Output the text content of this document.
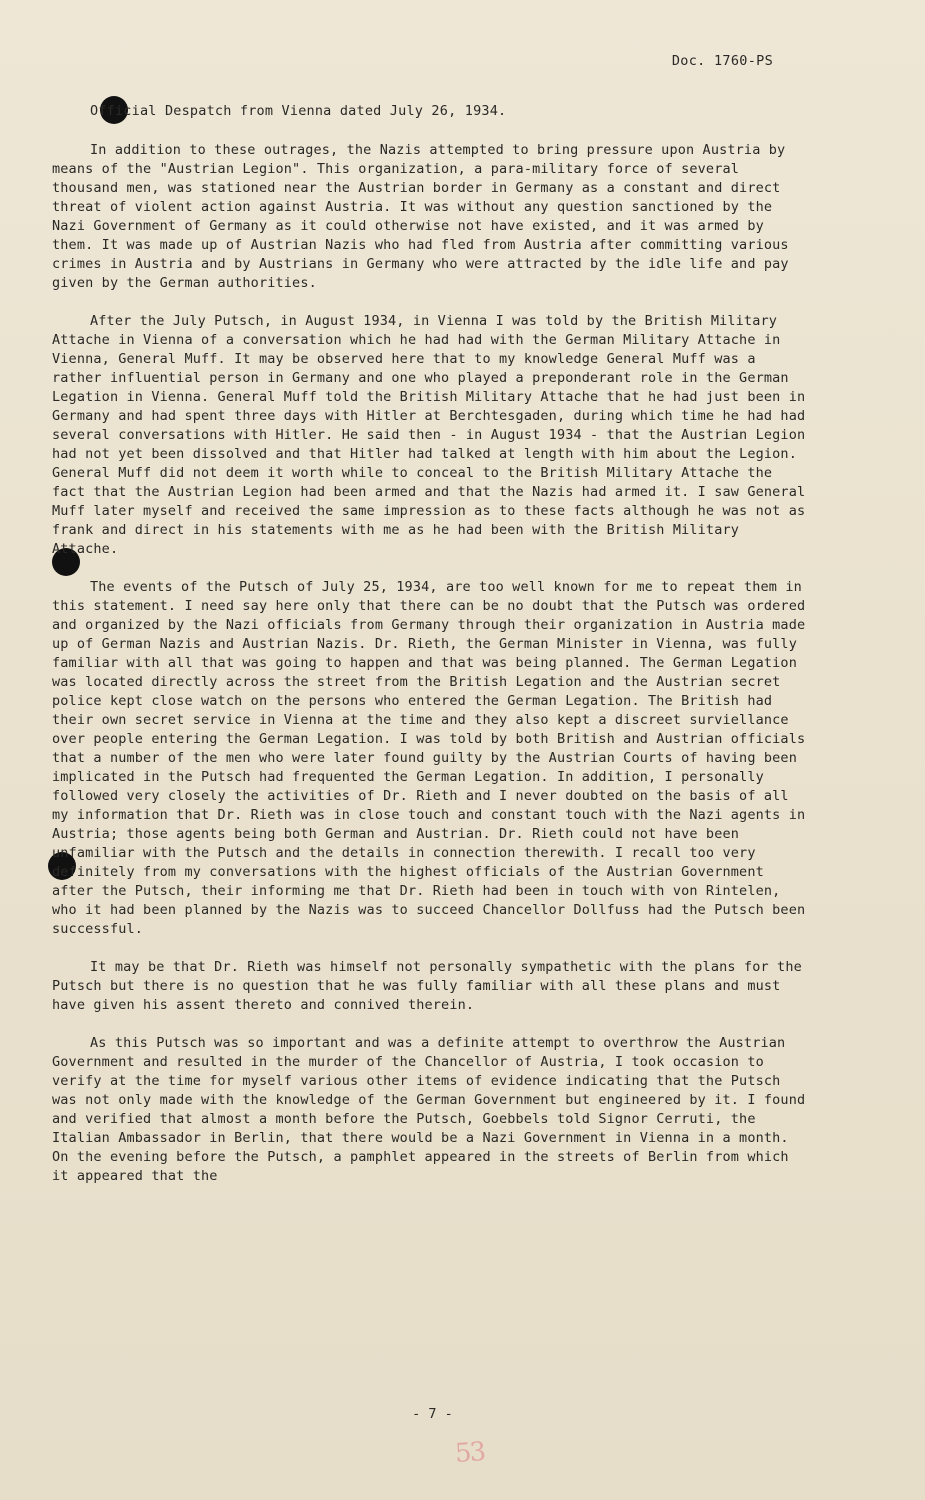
Doc. 1760-PS
Official Despatch from Vienna dated July 26, 1934.

In addition to these outrages, the Nazis attempted to bring pressure upon Austria by means of the "Austrian Legion". This organization, a para-military force of several thousand men, was stationed near the Austrian border in Germany as a constant and direct threat of violent action against Austria. It was without any question sanctioned by the Nazi Government of Germany as it could otherwise not have existed, and it was armed by them. It was made up of Austrian Nazis who had fled from Austria after committing various crimes in Austria and by Austrians in Germany who were attracted by the idle life and pay given by the German authorities.

After the July Putsch, in August 1934, in Vienna I was told by the British Military Attache in Vienna of a conversation which he had had with the German Military Attache in Vienna, General Muff. It may be observed here that to my knowledge General Muff was a rather influential person in Germany and one who played a preponderant role in the German Legation in Vienna. General Muff told the British Military Attache that he had just been in Germany and had spent three days with Hitler at Berchtesgaden, during which time he had had several conversations with Hitler. He said then - in August 1934 - that the Austrian Legion had not yet been dissolved and that Hitler had talked at length with him about the Legion. General Muff did not deem it worth while to conceal to the British Military Attache the fact that the Austrian Legion had been armed and that the Nazis had armed it. I saw General Muff later myself and received the same impression as to these facts although he was not as frank and direct in his statements with me as he had been with the British Military Attache.

The events of the Putsch of July 25, 1934, are too well known for me to repeat them in this statement. I need say here only that there can be no doubt that the Putsch was ordered and organized by the Nazi officials from Germany through their organization in Austria made up of German Nazis and Austrian Nazis. Dr. Rieth, the German Minister in Vienna, was fully familiar with all that was going to happen and that was being planned. The German Legation was located directly across the street from the British Legation and the Austrian secret police kept close watch on the persons who entered the German Legation. The British had their own secret service in Vienna at the time and they also kept a discreet surviellance over people entering the German Legation. I was told by both British and Austrian officials that a number of the men who were later found guilty by the Austrian Courts of having been implicated in the Putsch had frequented the German Legation. In addition, I personally followed very closely the activities of Dr. Rieth and I never doubted on the basis of all my information that Dr. Rieth was in close touch and constant touch with the Nazi agents in Austria; those agents being both German and Austrian. Dr. Rieth could not have been unfamiliar with the Putsch and the details in connection therewith. I recall too very definitely from my conversations with the highest officials of the Austrian Government after the Putsch, their informing me that Dr. Rieth had been in touch with von Rintelen, who it had been planned by the Nazis was to succeed Chancellor Dollfuss had the Putsch been successful.

It may be that Dr. Rieth was himself not personally sympathetic with the plans for the Putsch but there is no question that he was fully familiar with all these plans and must have given his assent thereto and connived therein.

As this Putsch was so important and was a definite attempt to overthrow the Austrian Government and resulted in the murder of the Chancellor of Austria, I took occasion to verify at the time for myself various other items of evidence indicating that the Putsch was not only made with the knowledge of the German Government but engineered by it. I found and verified that almost a month before the Putsch, Goebbels told Signor Cerruti, the Italian Ambassador in Berlin, that there would be a Nazi Government in Vienna in a month. On the evening before the Putsch, a pamphlet appeared in the streets of Berlin from which it appeared that the

- 7 -
53
